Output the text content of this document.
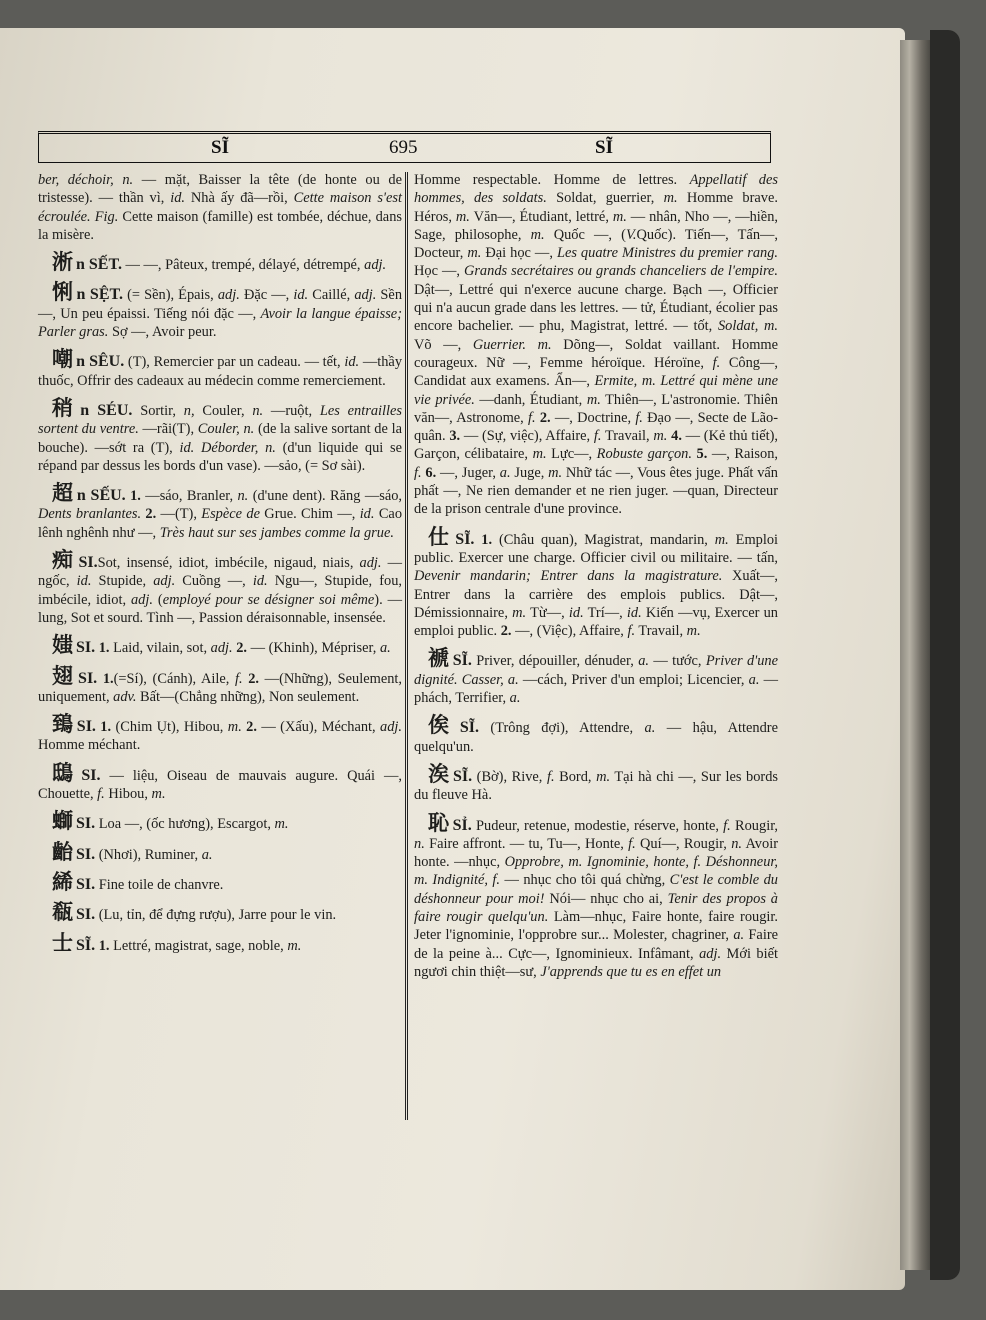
SĨ	695	SĨ

ber, déchoir, n. — mặt, Baisser la tête (de honte ou de tristesse). — thần vì, id. Nhà ấy đã—rồi, Cette maison s'est écroulée. Fig. Cette maison (famille) est tombée, déchue, dans la misère.

淅 n SẾT. — —, Pâteux, trempé, délayé, détrempé, adj.

悧 n SỆT. (= Sền), Épais, adj. Đặc —, id. Caillé, adj. Sền —, Un peu épaissi. Tiếng nói đặc —, Avoir la langue épaisse; Parler gras. Sợ —, Avoir peur.

嘲 n SÊU. (T), Remercier par un cadeau. — tết, id. —thầy thuốc, Offrir des cadeaux au médecin comme remerciement.

稍 n SÉU. Sortir, n, Couler, n. —ruột, Les entrailles sortent du ventre. —rãi(T), Couler, n. (de la salive sortant de la bouche). —sớt ra (T), id. Déborder, n. (d'un liquide qui se répand par dessus les bords d'un vase). —sảo, (= Sơ sài).

超 n SẾU. 1. —sáo, Branler, n. (d'une dent). Răng —sáo, Dents branlantes. 2. —(T), Espèce de Grue. Chim —, id. Cao lênh nghênh như —, Très haut sur ses jambes comme la grue.

痴 SI.Sot, insensé, idiot, imbécile, nigaud, niais, adj. —ngốc, id. Stupide, adj. Cuồng —, id. Ngu—, Stupide, fou, imbécile, idiot, adj. (employé pour se désigner soi même). — lung, Sot et sourd. Tình —, Passion déraisonnable, insensée.

媸 SI. 1. Laid, vilain, sot, adj. 2. — (Khinh), Mépriser, a.

翅 SI. 1.(=Sí), (Cánh), Aile, f. 2. —(Những), Seulement, uniquement, adv. Bất—(Chẳng những), Non seulement.

鵄 SI. 1. (Chim Ụt), Hibou, m. 2. — (Xấu), Méchant, adj. Homme méchant.

鴟 SI. — liệu, Oiseau de mauvais augure. Quái —, Chouette, f. Hibou, m.

螄 SI. Loa —, (ốc hương), Escargot, m.

齝 SI. (Nhơi), Ruminer, a.

絺 SI. Fine toile de chanvre.

瓻 SI. (Lu, tỉn, để đựng rượu), Jarre pour le vin.

士 SĨ. 1. Lettré, magistrat, sage, noble, m.

Homme respectable. Homme de lettres. Appellatif des hommes, des soldats. Soldat, guerrier, m. Homme brave. Héros, m. Văn—, Étudiant, lettré, m. — nhân, Nho —, —hiền, Sage, philosophe, m. Quốc —, (V.Quốc). Tiến—, Tấn—, Docteur, m. Đại học —, Les quatre Ministres du premier rang. Học —, Grands secrétaires ou grands chanceliers de l'empire. Dật—, Lettré qui n'exerce aucune charge. Bạch —, Officier qui n'a aucun grade dans les lettres. — tử, Étudiant, écolier pas encore bachelier. — phu, Magistrat, lettré. — tốt, Soldat, m. Võ —, Guerrier. m. Dõng—, Soldat vaillant. Homme courageux. Nữ —, Femme héroïque. Héroïne, f. Công—, Candidat aux examens. Ẩn—, Ermite, m. Lettré qui mène une vie privée. —danh, Étudiant, m. Thiên—, L'astronomie. Thiên văn—, Astronome, f. 2. —, Doctrine, f. Đạo —, Secte de Lão-quân. 3. — (Sự, việc), Affaire, f. Travail, m. 4. — (Kẻ thủ tiết), Garçon, célibataire, m. Lực—, Robuste garçon. 5. —, Raison, f. 6. —, Juger, a. Juge, m. Nhữ tác —, Vous êtes juge. Phất vấn phất —, Ne rien demander et ne rien juger. —quan, Directeur de la prison centrale d'une province.

仕 SĨ. 1. (Châu quan), Magistrat, mandarin, m. Emploi public. Exercer une charge. Officier civil ou militaire. — tấn, Devenir mandarin; Entrer dans la magistrature. Xuất—, Entrer dans la carrière des emplois publics. Dật—, Démissionnaire, m. Từ—, id. Trí—, id. Kiến —vụ, Exercer un emploi public. 2. —, (Việc), Affaire, f. Travail, m.

褫 SĨ. Priver, dépouiller, dénuder, a. — tước, Priver d'une dignité. Casser, a. —cách, Priver d'un emploi; Licencier, a. — phách, Terrifier, a.

俟 SĨ. (Trông đợi), Attendre, a. — hậu, Attendre quelqu'un.

涘 SĨ. (Bờ), Rive, f. Bord, m. Tại hà chi —, Sur les bords du fleuve Hà.

恥 SỈ. Pudeur, retenue, modestie, réserve, honte, f. Rougir, n. Faire affront. — tu, Tu—, Honte, f. Quí—, Rougir, n. Avoir honte. —nhục, Opprobre, m. Ignominie, honte, f. Déshonneur, m. Indignité, f. — nhục cho tôi quá chừng, C'est le comble du déshonneur pour moi! Nói— nhục cho ai, Tenir des propos à faire rougir quelqu'un. Làm—nhục, Faire honte, faire rougir. Jeter l'ignominie, l'opprobre sur... Molester, chagriner, a. Faire de la peine à... Cực—, Ignominieux. Infâmant, adj. Mới biết ngươi chin thiệt—sư, J'apprends que tu es en effet un
